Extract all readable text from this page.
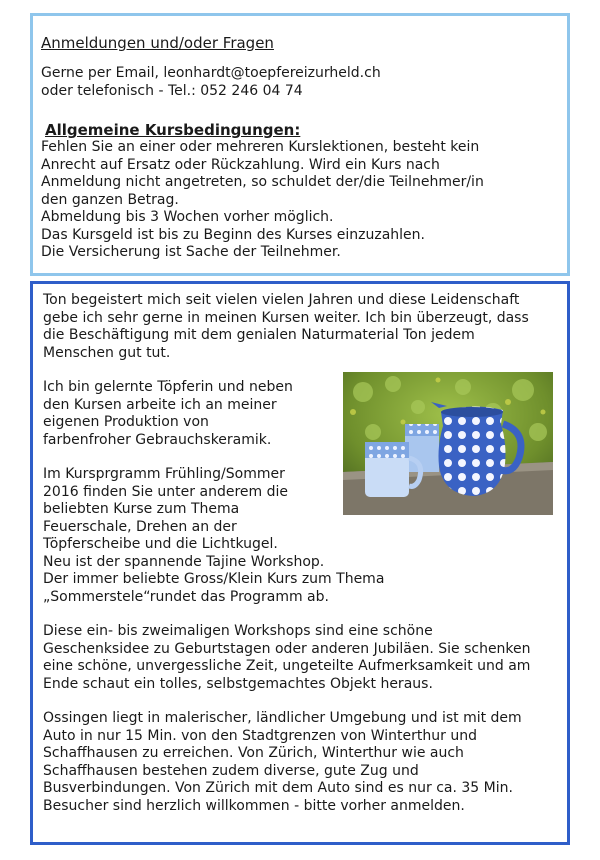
Anmeldungen und/oder Fragen

Gerne per Email, leonhardt@toepfereizurheld.ch

oder telefonisch - Tel.: 052 246 04 74

Allgemeine Kursbedingungen:

Fehlen Sie an einer oder mehreren Kurslektionen, besteht kein

Anrecht auf Ersatz oder Rückzahlung. Wird ein Kurs nach

Anmeldung nicht angetreten, so schuldet der/die Teilnehmer/in

den ganzen Betrag.

Abmeldung bis 3 Wochen vorher möglich.

Das Kursgeld ist bis zu Beginn des Kurses einzuzahlen.

Die Versicherung ist Sache der Teilnehmer.

Ton begeistert mich seit vielen vielen Jahren und diese Leidenschaft

gebe ich sehr gerne in meinen Kursen weiter. Ich bin überzeugt, dass

die Beschäftigung mit dem genialen Naturmaterial Ton jedem

Menschen gut tut.

Ich bin gelernte Töpferin und neben

den Kursen arbeite ich an meiner

eigenen Produktion von

farbenfroher Gebrauchskeramik.

Im Kursprgramm Frühling/Sommer

2016 finden Sie unter anderem die

beliebten Kurse zum Thema

Feuerschale, Drehen an der

Töpferscheibe und die Lichtkugel.

Neu ist der spannende Tajine Workshop.

Der immer beliebte Gross/Klein Kurs zum Thema

„Sommerstele“rundet das Programm ab.

Diese ein- bis zweimaligen Workshops sind eine schöne

Geschenksidee zu Geburtstagen oder anderen Jubiläen. Sie schenken

eine schöne, unvergessliche Zeit, ungeteilte Aufmerksamkeit und am

Ende schaut ein tolles, selbstgemachtes Objekt heraus.

Ossingen liegt in malerischer, ländlicher Umgebung und ist mit dem

Auto in nur 15 Min. von den Stadtgrenzen von Winterthur und

Schaffhausen zu erreichen. Von Zürich, Winterthur wie auch

Schaffhausen bestehen zudem diverse, gute Zug und

Busverbindungen. Von Zürich mit dem Auto sind es nur ca. 35 Min.

Besucher sind herzlich willkommen - bitte vorher anmelden.
